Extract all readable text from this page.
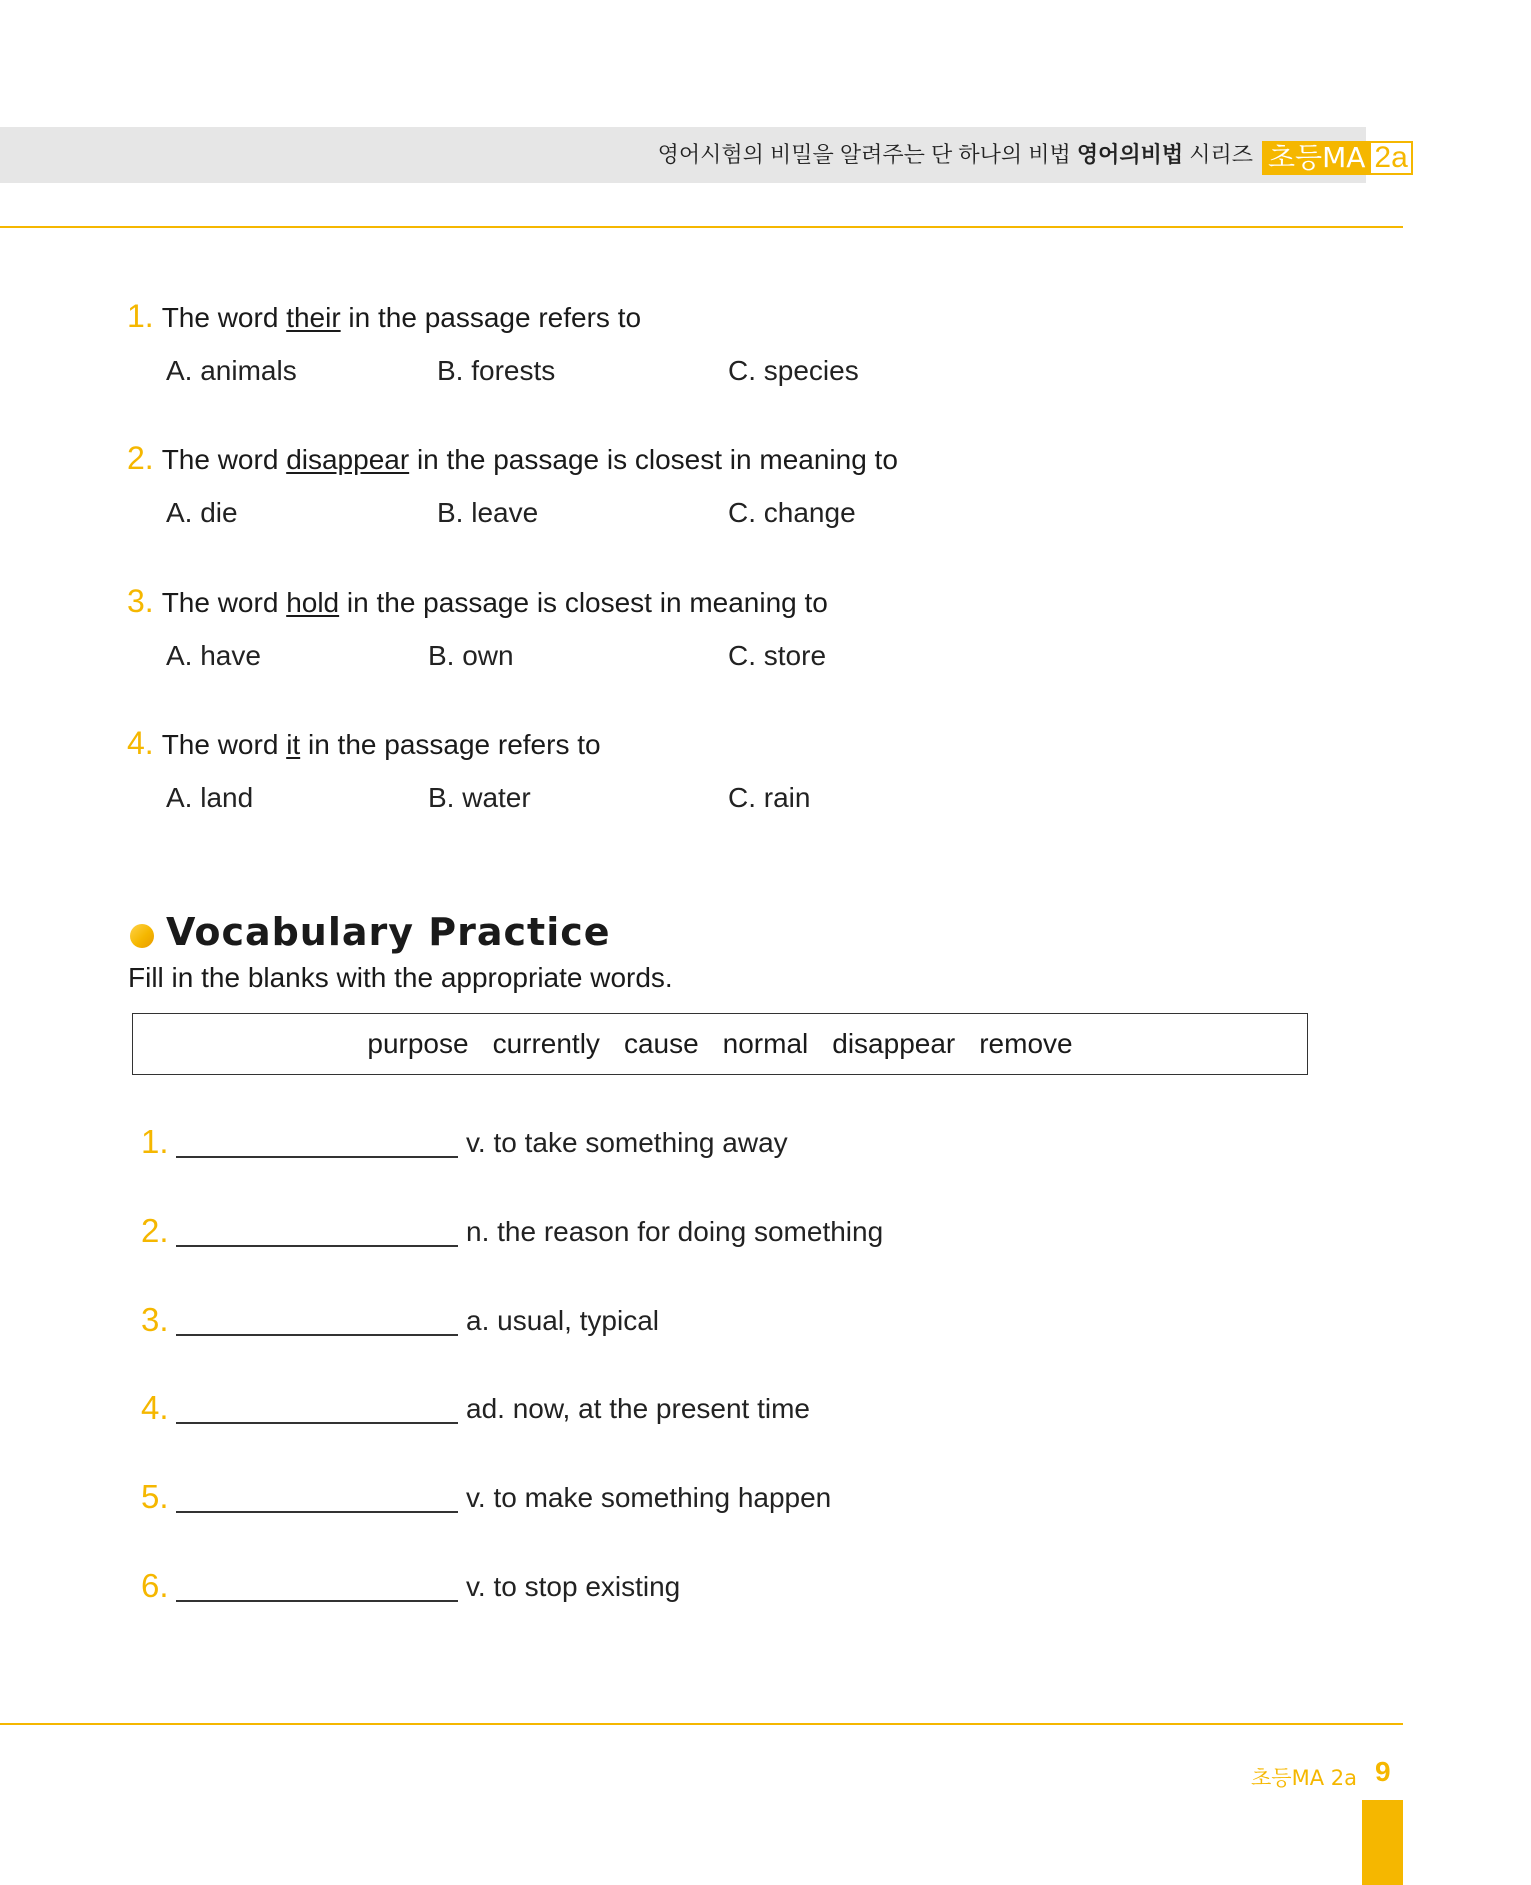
영어시험의 비밀을 알려주는 단 하나의 비법 영어의비법 시리즈 초등MA 2a
1. The word their in the passage refers to
A. animals	B. forests	C. species
2. The word disappear in the passage is closest in meaning to
A. die	B. leave	C. change
3. The word hold in the passage is closest in meaning to
A. have	B. own	C. store
4. The word it in the passage refers to
A. land	B. water	C. rain
Vocabulary Practice
Fill in the blanks with the appropriate words.
purpose currently cause normal disappear remove
1.	v. to take something away
2.	n. the reason for doing something
3.	a. usual, typical
4.	ad. now, at the present time
5.	v. to make something happen
6.	v. to stop existing
초등MA 2a 9
